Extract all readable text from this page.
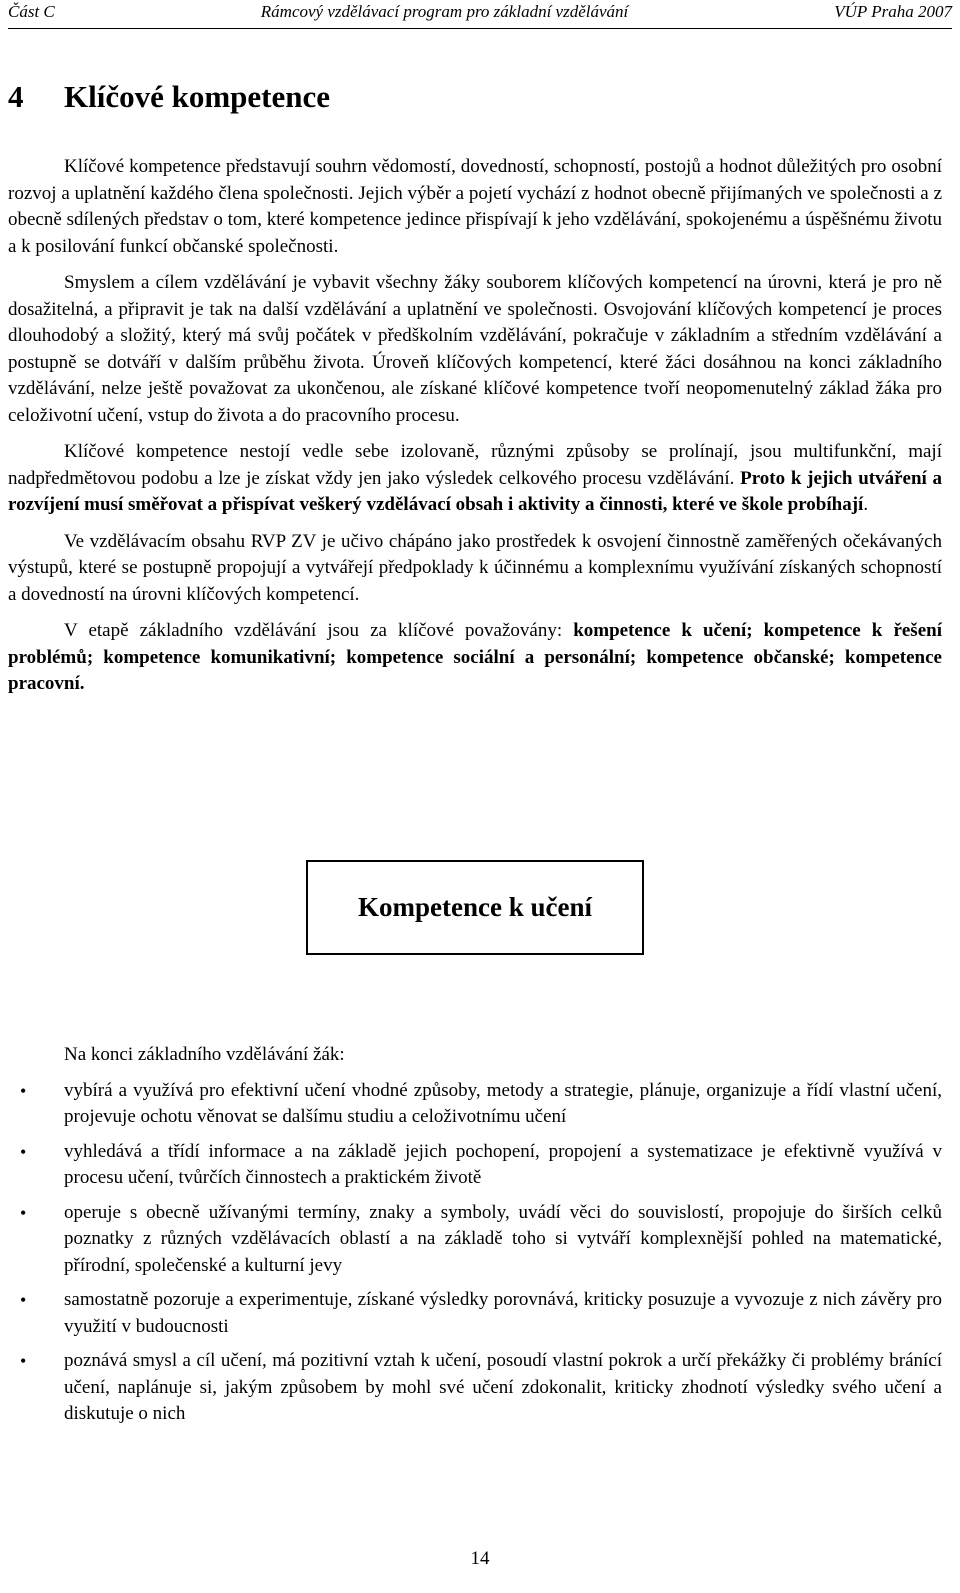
Část C	Rámcový vzdělávací program pro základní vzdělávání	VÚP Praha 2007
4 Klíčové kompetence

Klíčové kompetence představují souhrn vědomostí, dovedností, schopností, postojů a hodnot důležitých pro osobní rozvoj a uplatnění každého člena společnosti. Jejich výběr a pojetí vychází z hodnot obecně přijímaných ve společnosti a z obecně sdílených představ o tom, které kompetence jedince přispívají k jeho vzdělávání, spokojenému a úspěšnému životu a k posilování funkcí občanské společnosti.

Smyslem a cílem vzdělávání je vybavit všechny žáky souborem klíčových kompetencí na úrovni, která je pro ně dosažitelná, a připravit je tak na další vzdělávání a uplatnění ve společnosti. Osvojování klíčových kompetencí je proces dlouhodobý a složitý, který má svůj počátek v předškolním vzdělávání, pokračuje v základním a středním vzdělávání a postupně se dotváří v dalším průběhu života. Úroveň klíčových kompetencí, které žáci dosáhnou na konci základního vzdělávání, nelze ještě považovat za ukončenou, ale získané klíčové kompetence tvoří neopomenutelný základ žáka pro celoživotní učení, vstup do života a do pracovního procesu.

Klíčové kompetence nestojí vedle sebe izolovaně, různými způsoby se prolínají, jsou multifunkční, mají nadpředmětovou podobu a lze je získat vždy jen jako výsledek celkového procesu vzdělávání. Proto k jejich utváření a rozvíjení musí směřovat a přispívat veškerý vzdělávací obsah i aktivity a činnosti, které ve škole probíhají.

Ve vzdělávacím obsahu RVP ZV je učivo chápáno jako prostředek k osvojení činnostně zaměřených očekávaných výstupů, které se postupně propojují a vytvářejí předpoklady k účinnému a komplexnímu využívání získaných schopností a dovedností na úrovni klíčových kompetencí.

V etapě základního vzdělávání jsou za klíčové považovány: kompetence k učení; kompetence k řešení problémů; kompetence komunikativní; kompetence sociální a personální; kompetence občanské; kompetence pracovní.

Kompetence k učení

Na konci základního vzdělávání žák:

• vybírá a využívá pro efektivní učení vhodné způsoby, metody a strategie, plánuje, organizuje a řídí vlastní učení, projevuje ochotu věnovat se dalšímu studiu a celoživotnímu učení
• vyhledává a třídí informace a na základě jejich pochopení, propojení a systematizace je efektivně využívá v procesu učení, tvůrčích činnostech a praktickém životě
• operuje s obecně užívanými termíny, znaky a symboly, uvádí věci do souvislostí, propojuje do širších celků poznatky z různých vzdělávacích oblastí a na základě toho si vytváří komplexnější pohled na matematické, přírodní, společenské a kulturní jevy
• samostatně pozoruje a experimentuje, získané výsledky porovnává, kriticky posuzuje a vyvozuje z nich závěry pro využití v budoucnosti
• poznává smysl a cíl učení, má pozitivní vztah k učení, posoudí vlastní pokrok a určí překážky či problémy bránící učení, naplánuje si, jakým způsobem by mohl své učení zdokonalit, kriticky zhodnotí výsledky svého učení a diskutuje o nich
14
